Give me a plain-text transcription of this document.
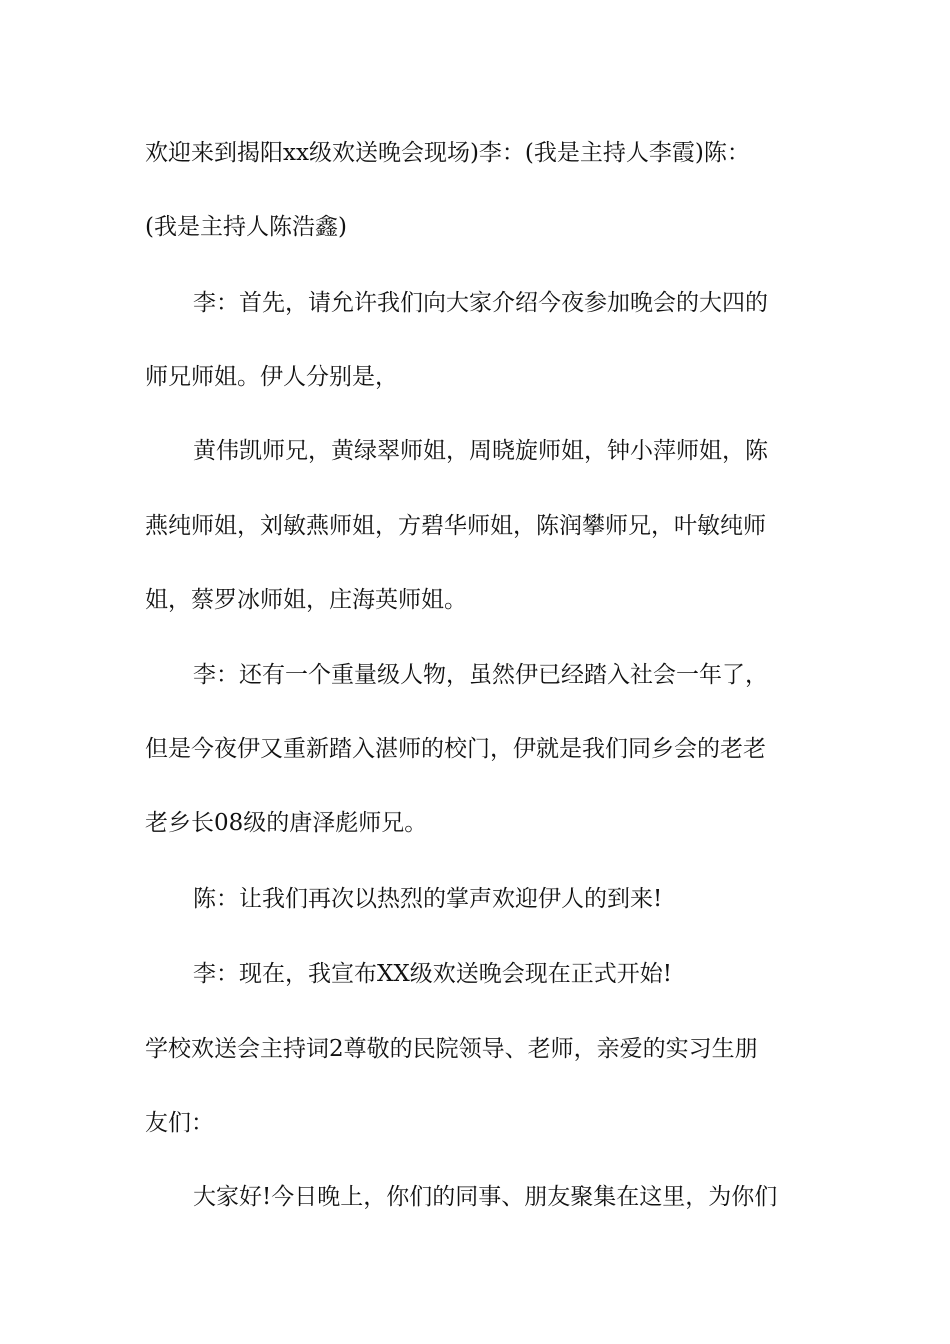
欢迎来到揭阳xx级欢送晚会现场)李：(我是主持人李霞)陈：
(我是主持人陈浩鑫)
李：首先，请允许我们向大家介绍今夜参加晚会的大四的
师兄师姐。伊人分别是，
黄伟凯师兄，黄绿翠师姐，周晓旋师姐，钟小萍师姐，陈
燕纯师姐，刘敏燕师姐，方碧华师姐，陈润攀师兄，叶敏纯师
姐，蔡罗冰师姐，庄海英师姐。
李：还有一个重量级人物，虽然伊已经踏入社会一年了，
但是今夜伊又重新踏入湛师的校门，伊就是我们同乡会的老老
老乡长08级的唐泽彪师兄。
陈：让我们再次以热烈的掌声欢迎伊人的到来!
李：现在，我宣布XX级欢送晚会现在正式开始!
学校欢送会主持词2尊敬的民院领导、老师，亲爱的实习生朋
友们：
大家好!今日晚上，你们的同事、朋友聚集在这里，为你们
